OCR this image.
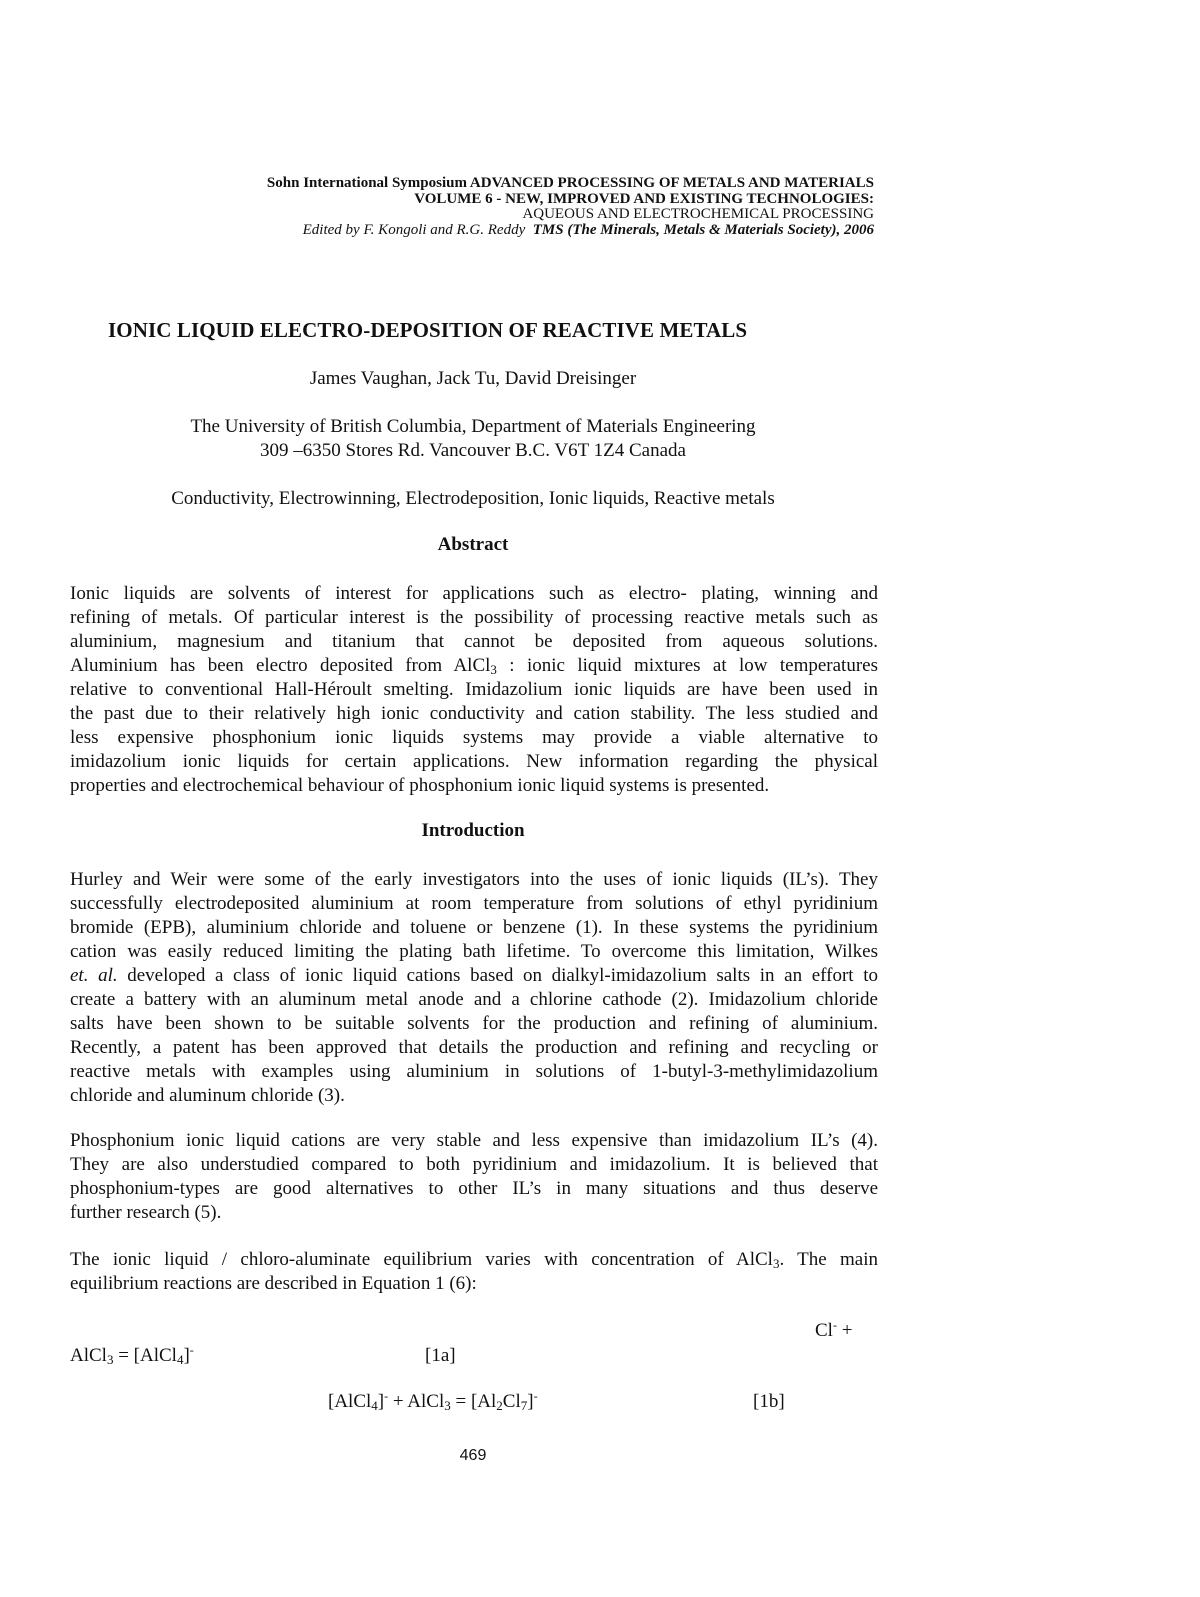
Sohn International Symposium ADVANCED PROCESSING OF METALS AND MATERIALS
VOLUME 6 - NEW, IMPROVED AND EXISTING TECHNOLOGIES:
AQUEOUS AND ELECTROCHEMICAL PROCESSING
Edited by F. Kongoli and R.G. Reddy TMS (The Minerals, Metals & Materials Society), 2006
IONIC LIQUID ELECTRO-DEPOSITION OF REACTIVE METALS
James Vaughan, Jack Tu, David Dreisinger
The University of British Columbia, Department of Materials Engineering
309 –6350 Stores Rd. Vancouver B.C. V6T 1Z4 Canada
Conductivity, Electrowinning, Electrodeposition, Ionic liquids, Reactive metals
Abstract
Ionic liquids are solvents of interest for applications such as electro- plating, winning and
refining of metals. Of particular interest is the possibility of processing reactive metals such as
aluminium, magnesium and titanium that cannot be deposited from aqueous solutions.
Aluminium has been electro deposited from AlCl$_3$ : ionic liquid mixtures at low temperatures
relative to conventional Hall-Héroult smelting. Imidazolium ionic liquids are have been used in
the past due to their relatively high ionic conductivity and cation stability. The less studied and
less expensive phosphonium ionic liquids systems may provide a viable alternative to
imidazolium ionic liquids for certain applications. New information regarding the physical
properties and electrochemical behaviour of phosphonium ionic liquid systems is presented.
Introduction
Hurley and Weir were some of the early investigators into the uses of ionic liquids (IL’s). They
successfully electrodeposited aluminium at room temperature from solutions of ethyl pyridinium
bromide (EPB), aluminium chloride and toluene or benzene (1). In these systems the pyridinium
cation was easily reduced limiting the plating bath lifetime. To overcome this limitation, Wilkes
et. al. developed a class of ionic liquid cations based on dialkyl-imidazolium salts in an effort to
create a battery with an aluminum metal anode and a chlorine cathode (2). Imidazolium chloride
salts have been shown to be suitable solvents for the production and refining of aluminium.
Recently, a patent has been approved that details the production and refining and recycling or
reactive metals with examples using aluminium in solutions of 1-butyl-3-methylimidazolium
chloride and aluminum chloride (3).
Phosphonium ionic liquid cations are very stable and less expensive than imidazolium IL’s (4).
They are also understudied compared to both pyridinium and imidazolium. It is believed that
phosphonium-types are good alternatives to other IL’s in many situations and thus deserve
further research (5).
The ionic liquid / chloro-aluminate equilibrium varies with concentration of AlCl$_3$. The main
equilibrium reactions are described in Equation 1 (6):
Cl- +
AlCl$_3$ = [AlCl$_4$]-	[1a]
[AlCl$_4$]- + AlCl$_3$ = $[Al_2Cl_7]^-$	[1b]
469
